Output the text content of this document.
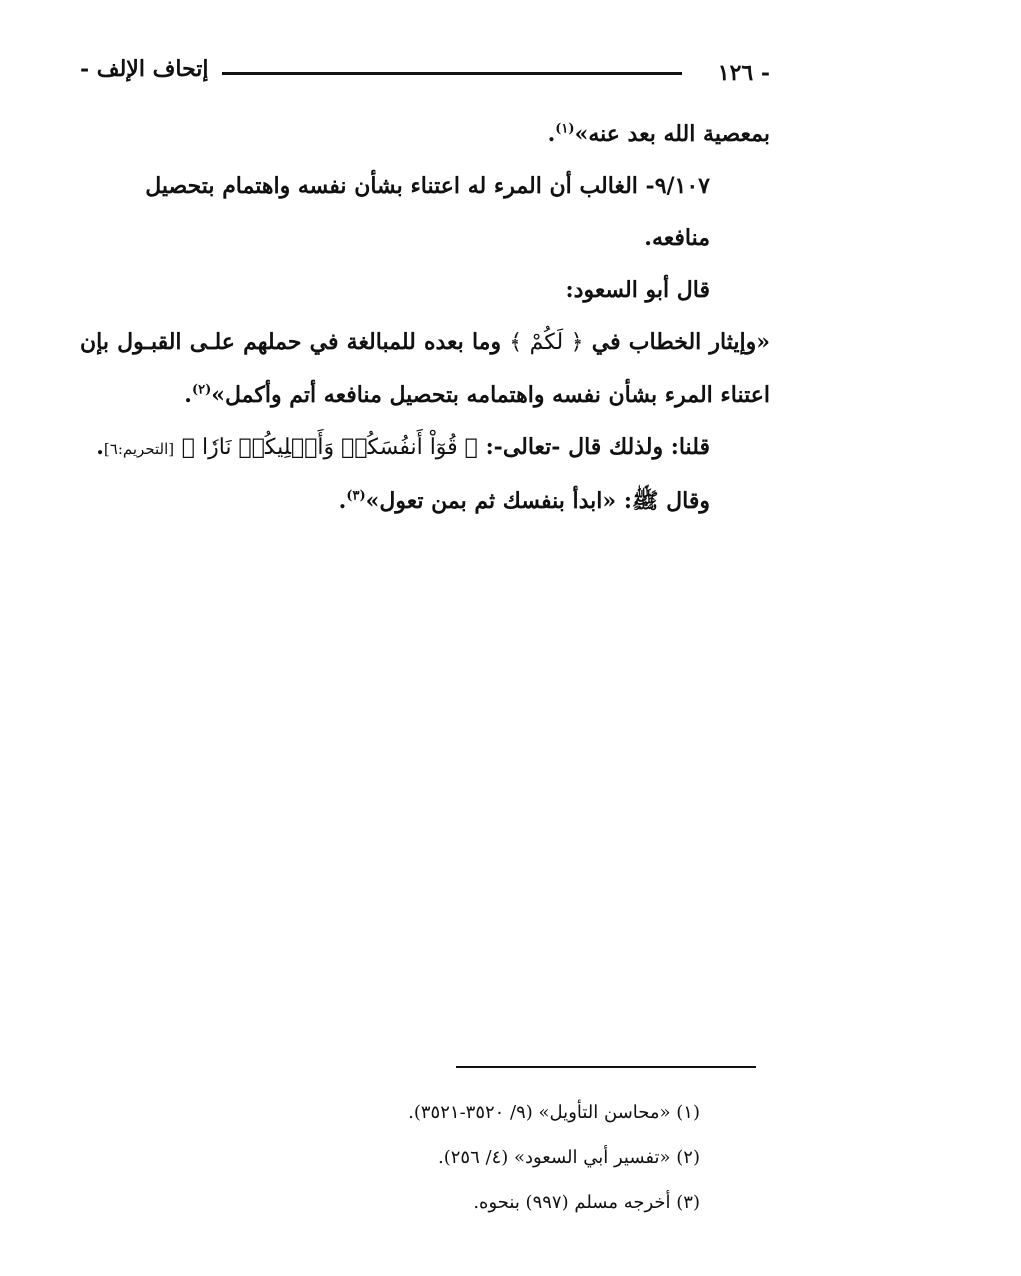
- ١٢٦
إتحاف الإلف -

بمعصية الله بعد عنه»$^{(١)}$.

٩/١٠٧- الغالب أن المرء له اعتناء بشأن نفسه واهتمام بتحصيل منافعه.

قال أبو السعود:

«وإيثار الخطاب في ﴿ لَكُمْ ﴾ وما بعده للمبالغة في حملهم علـى القبـول بإن اعتناء المرء بشأن نفسه واهتمامه بتحصيل منافعه أتم وأكمل»$^{(٢)}$.

قلنا: ولذلك قال -تعالى-: ﴿ قُوٓاْ أَنفُسَكُمۡ وَأَهۡلِيكُمۡ نَارٗا ﴾ [التحريم:٦].

وقال ﷺ: «ابدأ بنفسك ثم بمن تعول»$^{(٣)}$.

(١) «محاسن التأويل» (٩/ ٣٥٢٠-٣٥٢١).

(٢) «تفسير أبي السعود» (٤/ ٢٥٦).

(٣) أخرجه مسلم (٩٩٧) بنحوه.
